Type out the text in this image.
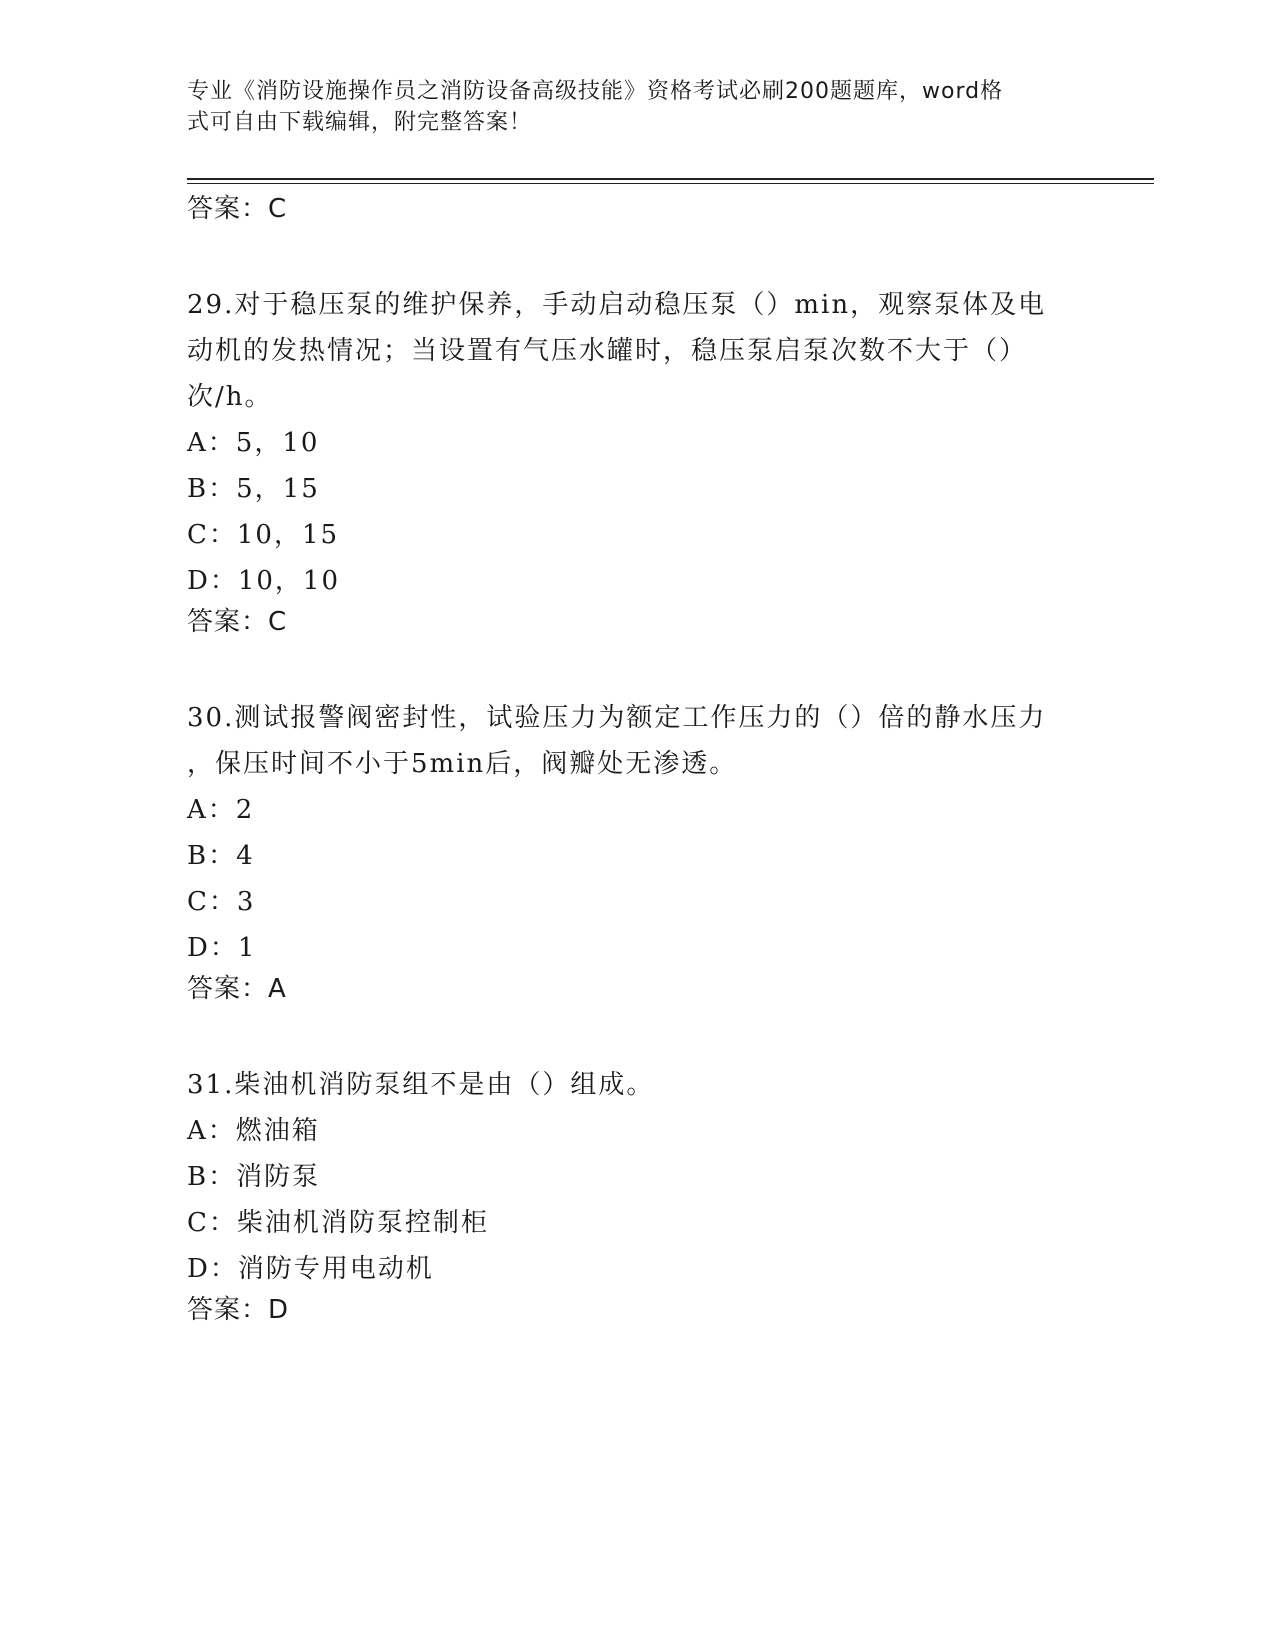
专业《消防设施操作员之消防设备高级技能》资格考试必刷200题题库，word格
式可自由下载编辑，附完整答案！
答案：C
29.对于稳压泵的维护保养，手动启动稳压泵（）min，观察泵体及电
动机的发热情况；当设置有气压水罐时，稳压泵启泵次数不大于（）
次/h。
A：5，10
B：5，15
C：10，15
D：10，10
答案：C
30.测试报警阀密封性，试验压力为额定工作压力的（）倍的静水压力
，保压时间不小于5min后，阀瓣处无渗透。
A：2
B：4
C：3
D：1
答案：A
31.柴油机消防泵组不是由（）组成。
A：燃油箱
B：消防泵
C：柴油机消防泵控制柜
D：消防专用电动机
答案：D
